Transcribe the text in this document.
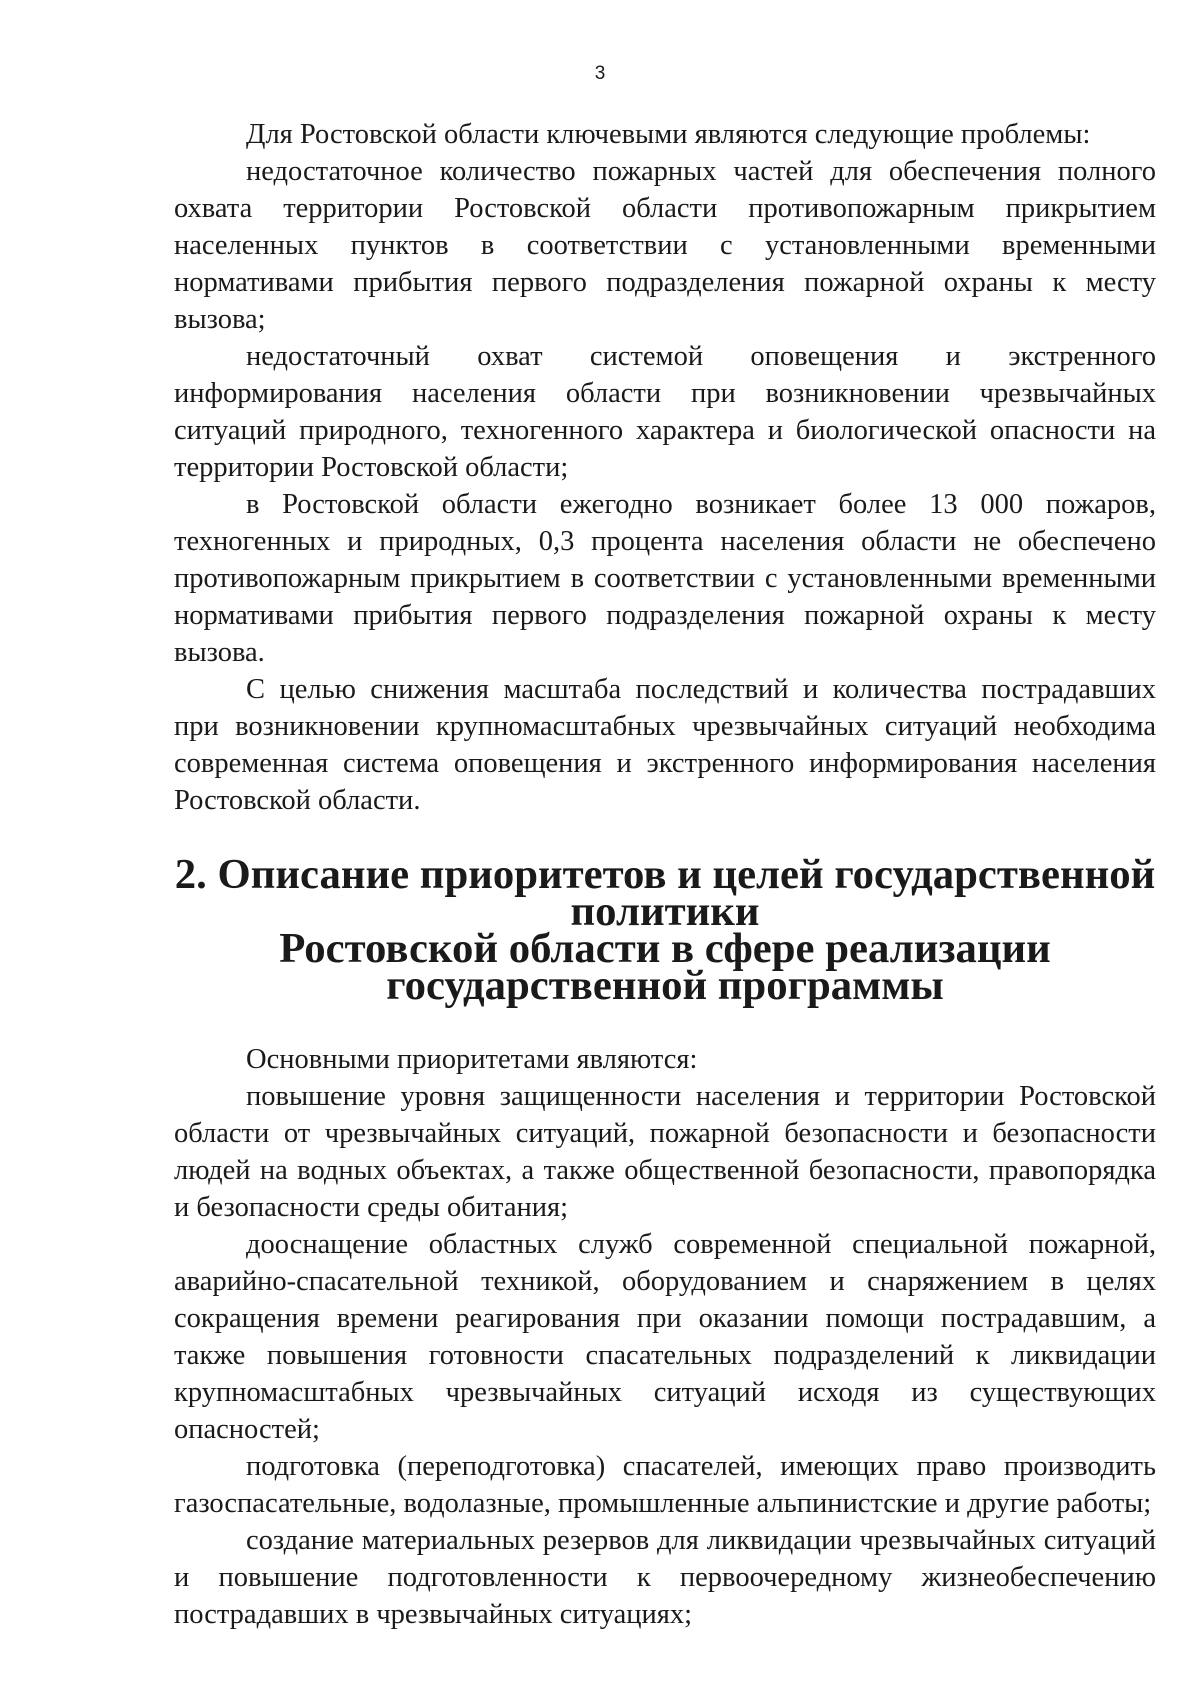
3

Для Ростовской области ключевыми являются следующие проблемы:

недостаточное количество пожарных частей для обеспечения полного охвата территории Ростовской области противопожарным прикрытием населенных пунктов в соответствии с установленными временными нормативами прибытия первого подразделения пожарной охраны к месту вызова;

недостаточный охват системой оповещения и экстренного информирования населения области при возникновении чрезвычайных ситуаций природного, техногенного характера и биологической опасности на территории Ростовской области;

в Ростовской области ежегодно возникает более 13 000 пожаров, техногенных и природных, 0,3 процента населения области не обеспечено противопожарным прикрытием в соответствии с установленными временными нормативами прибытия первого подразделения пожарной охраны к месту вызова.

С целью снижения масштаба последствий и количества пострадавших при возникновении крупномасштабных чрезвычайных ситуаций необходима современная система оповещения и экстренного информирования населения Ростовской области.

2. Описание приоритетов и целей государственной политики
Ростовской области в сфере реализации государственной программы

Основными приоритетами являются:

повышение уровня защищенности населения и территории Ростовской области от чрезвычайных ситуаций, пожарной безопасности и безопасности людей на водных объектах, а также общественной безопасности, правопорядка и безопасности среды обитания;

дооснащение областных служб современной специальной пожарной, аварийно-спасательной техникой, оборудованием и снаряжением в целях сокращения времени реагирования при оказании помощи пострадавшим, а также повышения готовности спасательных подразделений к ликвидации крупномасштабных чрезвычайных ситуаций исходя из существующих опасностей;

подготовка (переподготовка) спасателей, имеющих право производить газоспасательные, водолазные, промышленные альпинистские и другие работы;

создание материальных резервов для ликвидации чрезвычайных ситуаций и повышение подготовленности к первоочередному жизнеобеспечению пострадавших в чрезвычайных ситуациях;
